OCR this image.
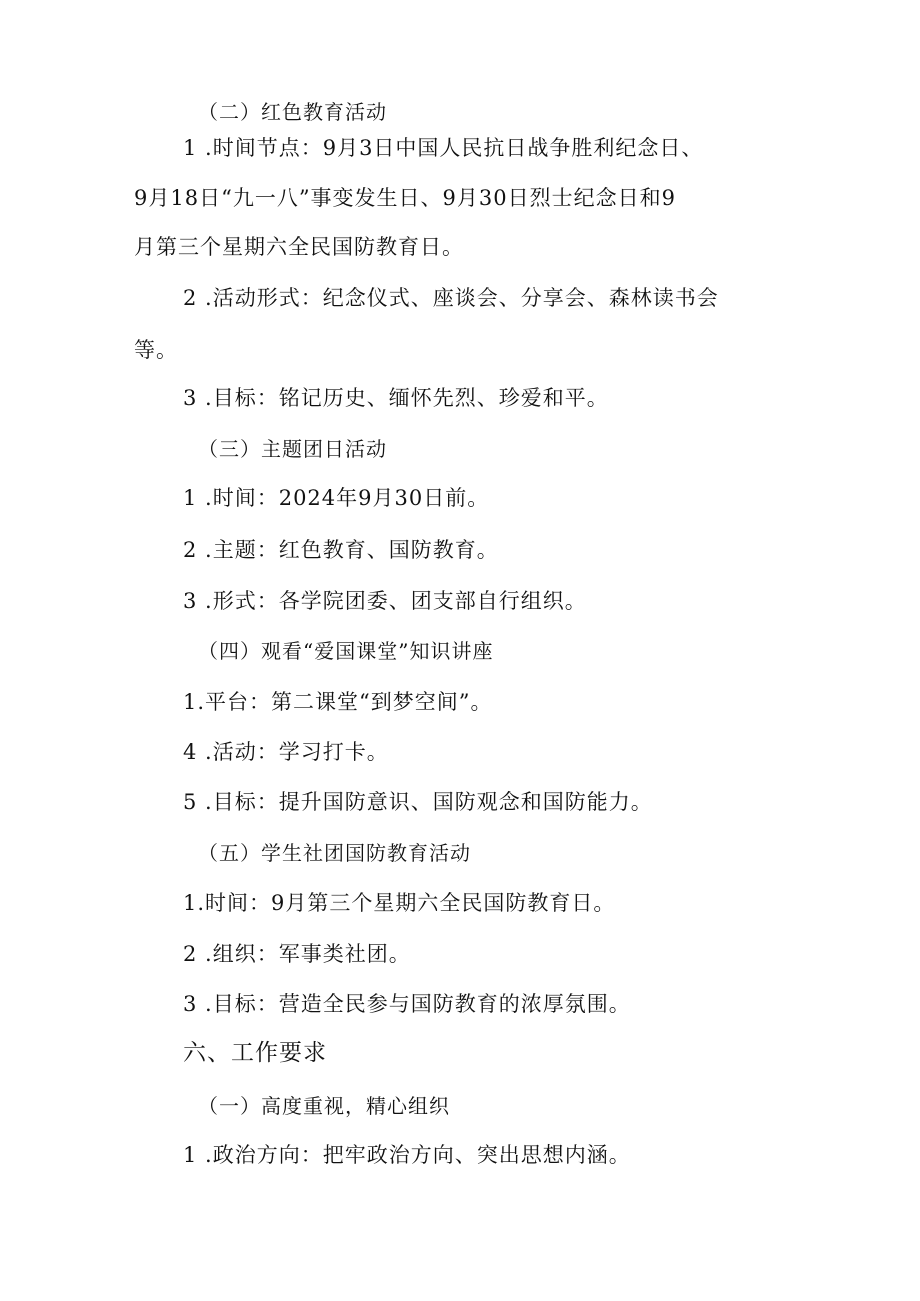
（二）红色教育活动
1 .时间节点：9月3日中国人民抗日战争胜利纪念日、
9月18日“九一八”事变发生日、9月30日烈士纪念日和9
月第三个星期六全民国防教育日。
2 .活动形式：纪念仪式、座谈会、分享会、森林读书会
等。
3 .目标：铭记历史、缅怀先烈、珍爱和平。
（三）主题团日活动
1 .时间：2024年9月30日前。
2 .主题：红色教育、国防教育。
3 .形式：各学院团委、团支部自行组织。
（四）观看“爱国课堂”知识讲座
1.平台：第二课堂“到梦空间”。
4 .活动：学习打卡。
5 .目标：提升国防意识、国防观念和国防能力。
（五）学生社团国防教育活动
1.时间：9月第三个星期六全民国防教育日。
2 .组织：军事类社团。
3 .目标：营造全民参与国防教育的浓厚氛围。
六、工作要求
（一）高度重视，精心组织
1 .政治方向：把牢政治方向、突出思想内涵。
